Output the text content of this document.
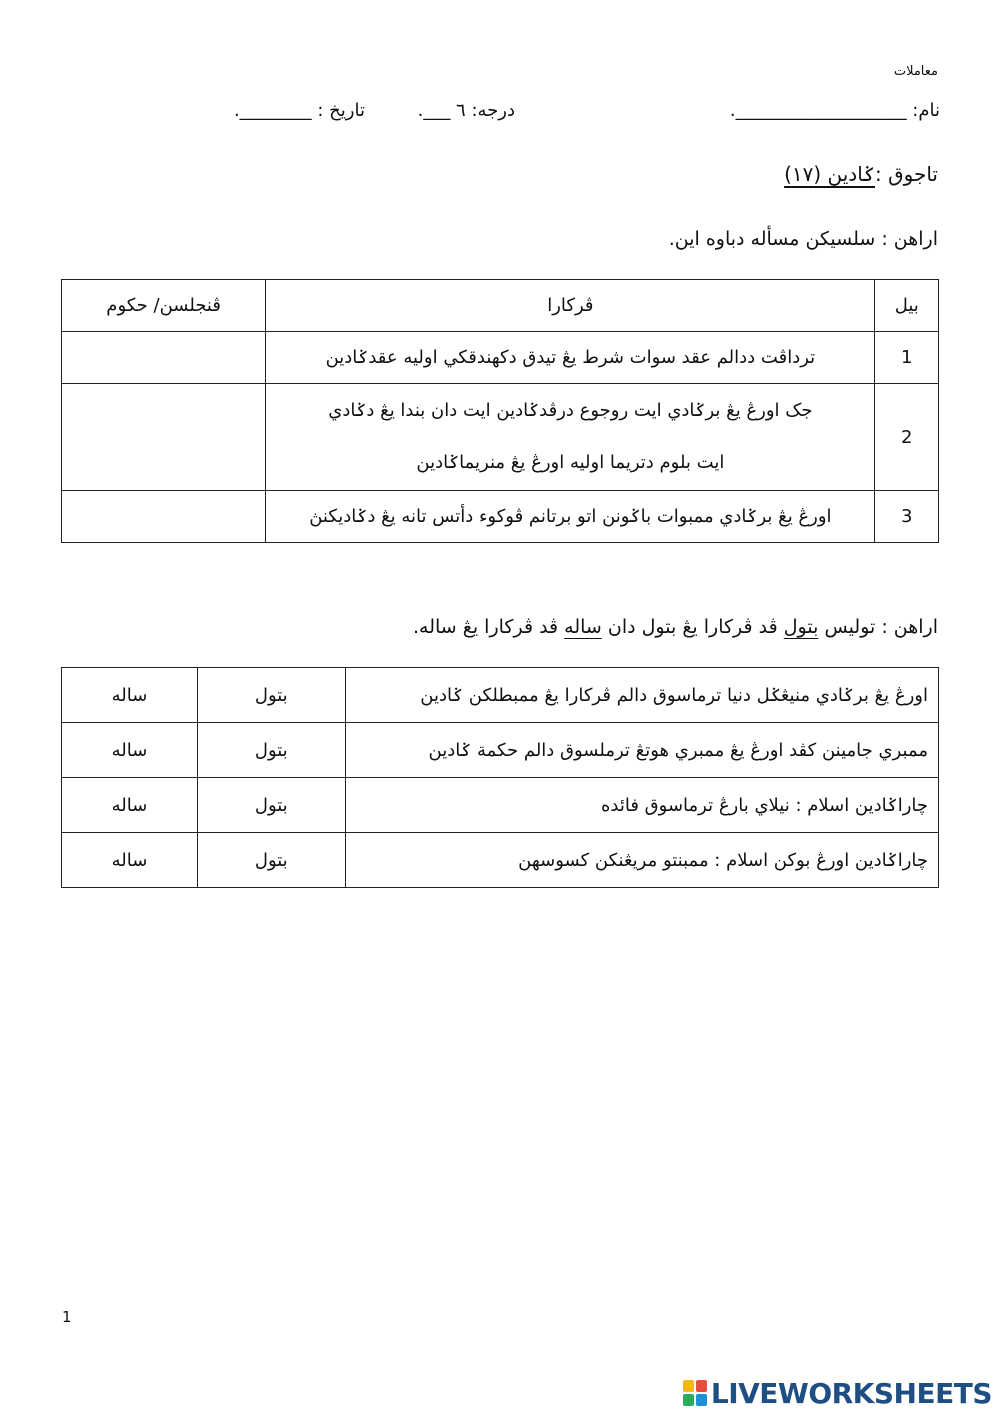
معاملات
نام: ___________________.
درجه: ٦ ___.
تاريخ : ________.
تاجوق :ݢادين (١٧)
اراهن : سلسيکن مسأله دباوه اين.
بيل	ڤرکارا	ڤنجلسن/ حکوم
1	ترداڤت ددالم عقد سوات شرط يڠ تيدق دکهندقکي اوليه عقدݢادين	

2	جک اورڠ يڠ برݢادي ايت روجوع درڤدݢادين ايت دان بندا يڠ دݢادي
ايت بلوم دتريما اوليه اورڠ يڠ منريماݢادين	

3	اورڠ يڠ برݢادي ممبوات باݢونن اتو برتانم ڤوکوء دأتس تانه يڠ دݢاديکنڽ	

اراهن : توليس بتول ڤد ڤرکارا يڠ بتول دان ساله ڤد ڤرکارا يڠ ساله.
اورڠ يڠ برݢادي منيڠݢل دنيا ترماسوق دالم ڤرکارا يڠ ممبطلکن ݢادين	بتول	ساله
ممبري جامينن کڤد اورڠ يڠ ممبري هوتڠ ترملسوق دالم حکمة ݢادين	بتول	ساله
چاراݢادين اسلام : نيلاي بارڠ ترماسوق فائده	بتول	ساله
چاراݢادين اورڠ بوکن اسلام : ممبنتو مريڠنکن کسوسهن	بتول	ساله
1
LIVEWORKSHEETS
